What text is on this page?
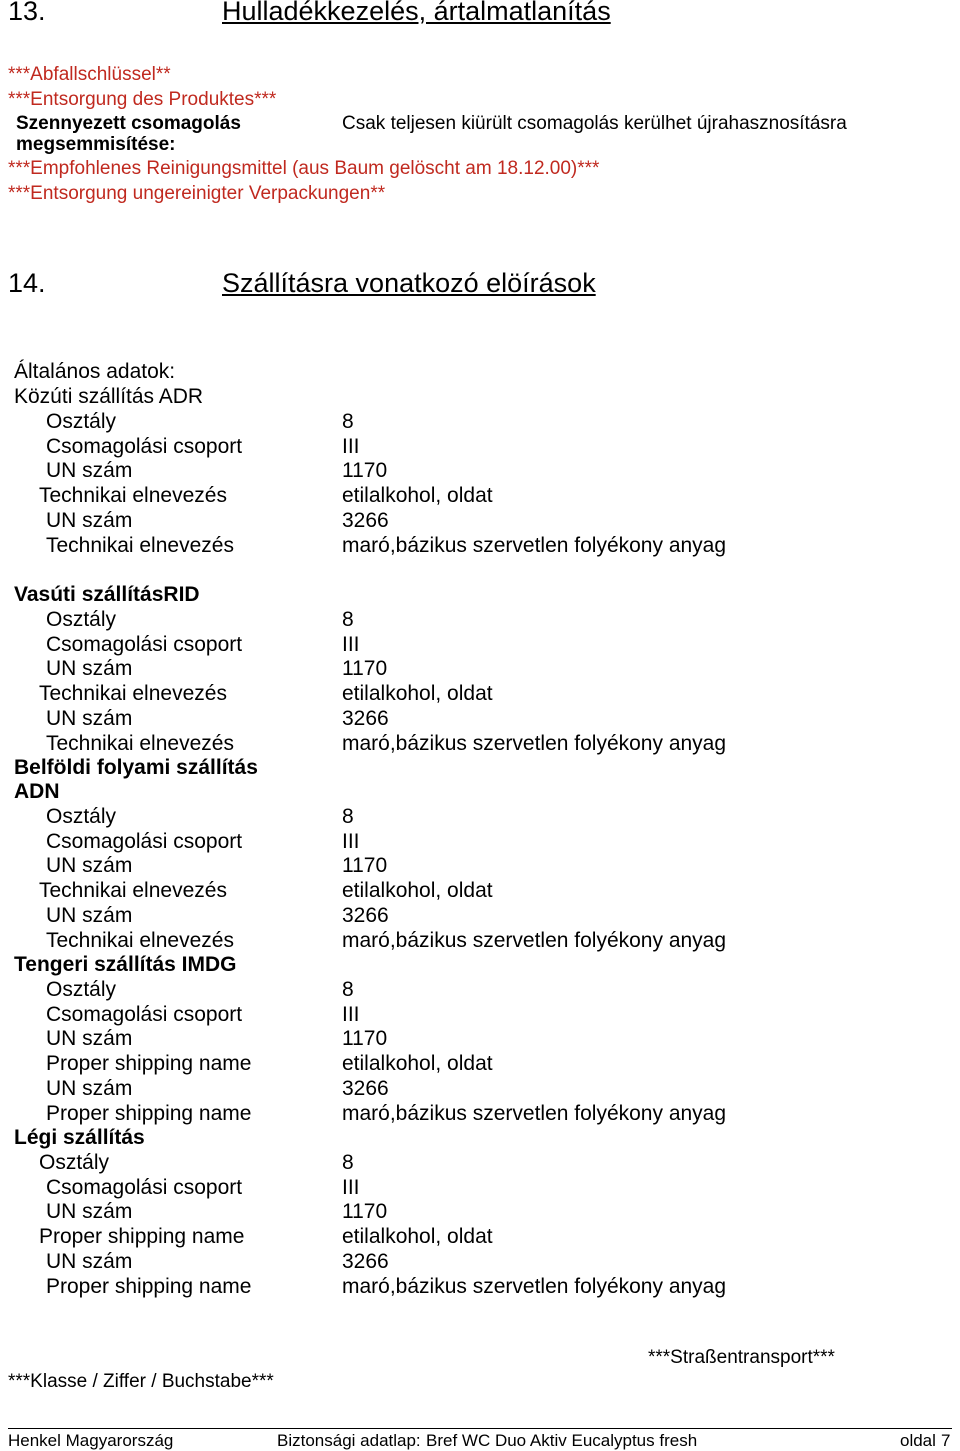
13.	Hulladékkezelés, ártalmatlanítás
***Abfallschlüssel**
***Entsorgung des Produktes***
Szennyezett csomagolás	Csak teljesen kiürült csomagolás kerülhet újrahasznosításra
megsemmisítése:
***Empfohlenes Reinigungsmittel (aus Baum gelöscht am 18.12.00)***
***Entsorgung ungereinigter Verpackungen**
14.	Szállításra vonatkozó elöírások
Általános adatok:
Közúti szállítás ADR
Osztály	8
Csomagolási csoport	III
UN szám	1170
Technikai elnevezés	etilalkohol, oldat
UN szám	3266
Technikai elnevezés	maró,bázikus szervetlen folyékony anyag
Vasúti szállításRID
Osztály	8
Csomagolási csoport	III
UN szám	1170
Technikai elnevezés	etilalkohol, oldat
UN szám	3266
Technikai elnevezés	maró,bázikus szervetlen folyékony anyag
Belföldi folyami szállítás
ADN
Osztály	8
Csomagolási csoport	III
UN szám	1170
Technikai elnevezés	etilalkohol, oldat
UN szám	3266
Technikai elnevezés	maró,bázikus szervetlen folyékony anyag
Tengeri szállítás IMDG
Osztály	8
Csomagolási csoport	III
UN szám	1170
Proper shipping name	etilalkohol, oldat
UN szám	3266
Proper shipping name	maró,bázikus szervetlen folyékony anyag
Légi szállítás
Osztály	8
Csomagolási csoport	III
UN szám	1170
Proper shipping name	etilalkohol, oldat
UN szám	3266
Proper shipping name	maró,bázikus szervetlen folyékony anyag
***Straßentransport***
***Klasse / Ziffer / Buchstabe***
Henkel Magyarország	Biztonsági adatlap: Bref WC Duo Aktiv Eucalyptus fresh	oldal 7
